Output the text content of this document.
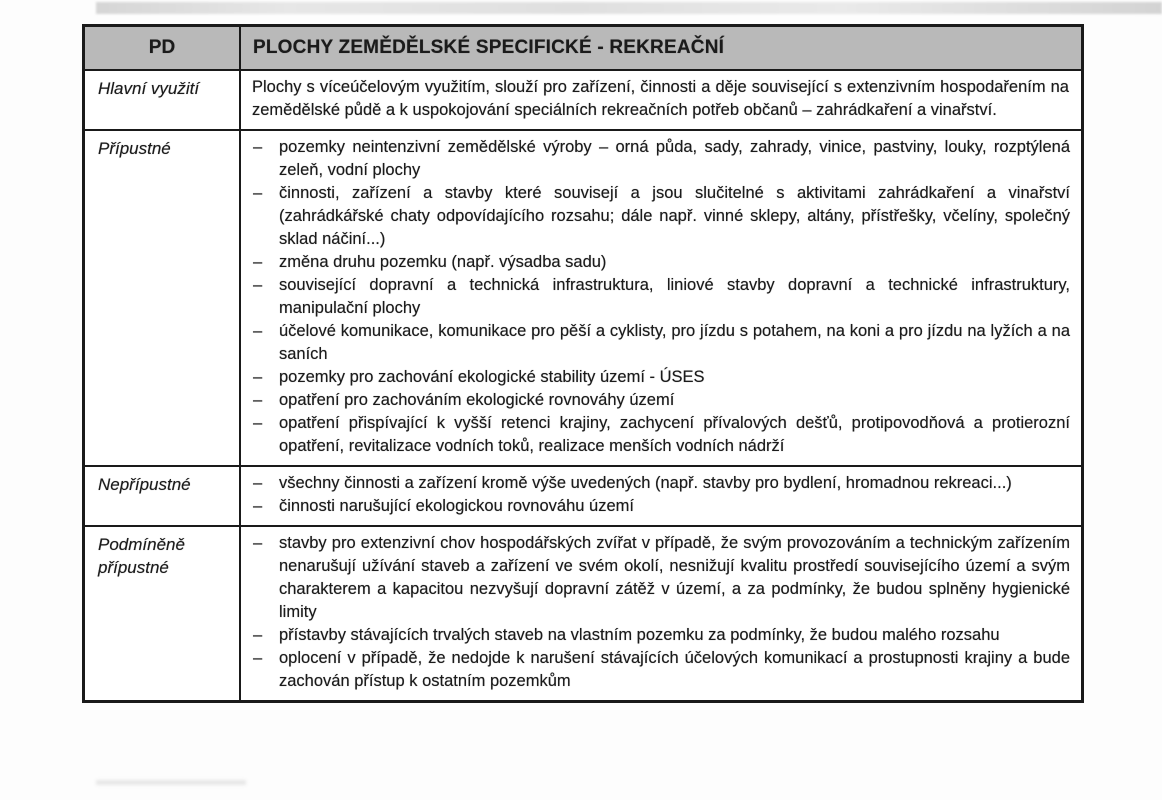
PD	PLOCHY ZEMĚDĚLSKÉ SPECIFICKÉ - REKREAČNÍ
Hlavní využití	Plochy s víceúčelovým využitím, slouží pro zařízení, činnosti a děje související s extenzivním hospodařením na zemědělské půdě a k uspokojování speciálních rekreačních potřeb občanů – zahrádkaření a vinařství.

Přípustné	–	pozemky neintenzivní zemědělské výroby – orná půda, sady, zahrady, vinice, pastviny, louky, rozptýlená zeleň, vodní plochy
–	činnosti, zařízení a stavby které souvisejí a jsou slučitelné s aktivitami zahrádkaření a vinařství (zahrádkářské chaty odpovídajícího rozsahu; dále např. vinné sklepy, altány, přístřešky, včelíny, společný sklad náčiní...)
–	změna druhu pozemku (např. výsadba sadu)
–	související dopravní a technická infrastruktura, liniové stavby dopravní a technické infrastruktury, manipulační plochy
–	účelové komunikace, komunikace pro pěší a cyklisty, pro jízdu s potahem, na koni a pro jízdu na lyžích a na saních
–	pozemky pro zachování ekologické stability území - ÚSES
–	opatření pro zachováním ekologické rovnováhy území
–	opatření přispívající k vyšší retenci krajiny, zachycení přívalových dešťů, protipovodňová a protierozní opatření, revitalizace vodních toků, realizace menších vodních nádrží
Nepřípustné	–	všechny činnosti a zařízení kromě výše uvedených (např. stavby pro bydlení, hromadnou rekreaci...)
–	činnosti narušující ekologickou rovnováhu území
Podmíněně přípustné
–	stavby pro extenzivní chov hospodářských zvířat v případě, že svým provozováním a technickým zařízením nenarušují užívání staveb a zařízení ve svém okolí, nesnižují kvalitu prostředí souvisejícího území a svým charakterem a kapacitou nezvyšují dopravní zátěž v území, a za podmínky, že budou splněny hygienické limity
–	přístavby stávajících trvalých staveb na vlastním pozemku za podmínky, že budou malého rozsahu
–	oplocení v případě, že nedojde k narušení stávajících účelových komunikací a prostupnosti krajiny a bude zachován přístup k ostatním pozemkům
